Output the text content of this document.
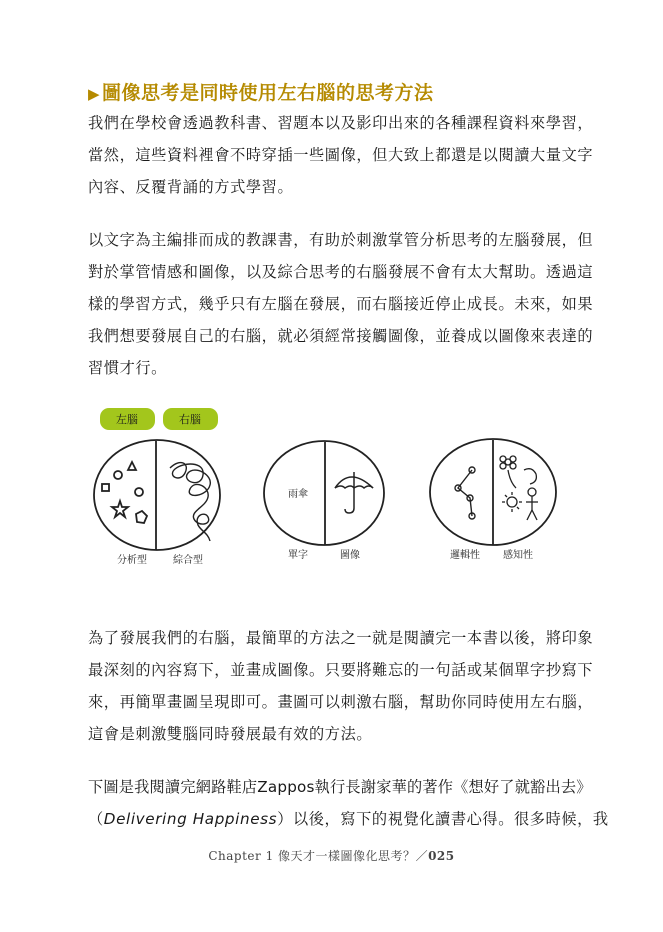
▶ 圖像思考是同時使用左右腦的思考方法
我們在學校會透過教科書、習題本以及影印出來的各種課程資料來學習，
當然，這些資料裡會不時穿插一些圖像，但大致上都還是以閱讀大量文字
內容、反覆背誦的方式學習。
以文字為主編排而成的教課書，有助於刺激掌管分析思考的左腦發展，但
對於掌管情感和圖像，以及綜合思考的右腦發展不會有太大幫助。透過這
樣的學習方式，幾乎只有左腦在發展，而右腦接近停止成長。未來，如果
我們想要發展自己的右腦，就必須經常接觸圖像，並養成以圖像來表達的
習慣才行。
左腦	右腦
分析型	綜合型
雨傘
單字	圖像	邏輯性 感知性
為了發展我們的右腦，最簡單的方法之一就是閱讀完一本書以後，將印象
最深刻的內容寫下，並畫成圖像。只要將難忘的一句話或某個單字抄寫下
來，再簡單畫圖呈現即可。畫圖可以刺激右腦，幫助你同時使用左右腦，
這會是刺激雙腦同時發展最有效的方法。
下圖是我閱讀完網路鞋店Zappos執行長謝家華的著作《想好了就豁出去》
（Delivering Happiness）以後，寫下的視覺化讀書心得。很多時候，我
Chapter 1 像天才一樣圖像化思考？／025
